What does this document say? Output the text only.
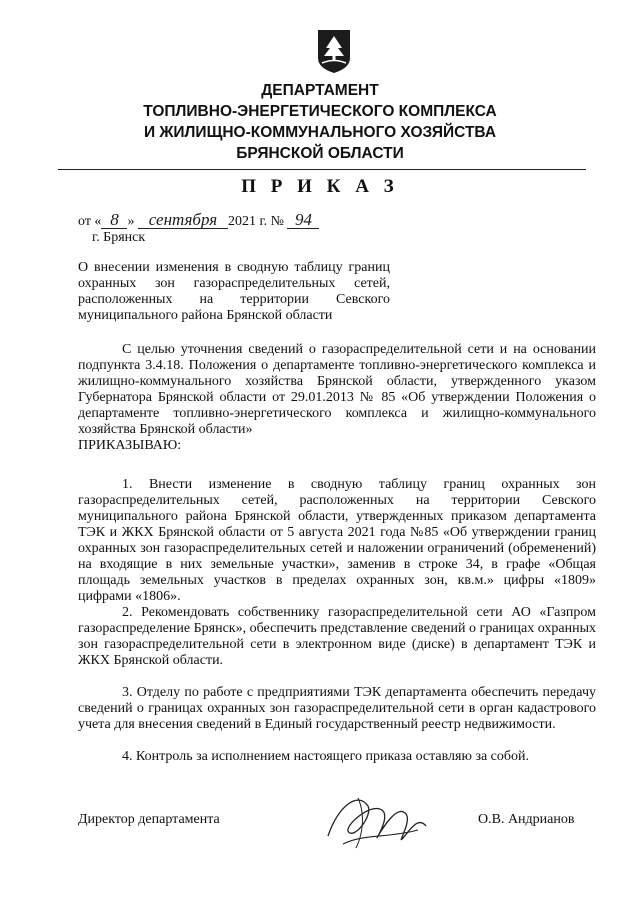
ДЕПАРТАМЕНТ
ТОПЛИВНО-ЭНЕРГЕТИЧЕСКОГО КОМПЛЕКСА
И ЖИЛИЩНО-КОММУНАЛЬНОГО ХОЗЯЙСТВА
БРЯНСКОЙ ОБЛАСТИ
П Р И К А З
от « 8 » сентября 2021 г. № 94
г. Брянск
О внесении изменения в сводную таблицу границ охранных зон газораспределительных сетей, расположенных на территории Севского муниципального района Брянской области
С целью уточнения сведений о газораспределительной сети и на основании подпункта 3.4.18. Положения о департаменте топливно-энергетического комплекса и жилищно-коммунального хозяйства Брянской области, утвержденного указом Губернатора Брянской области от 29.01.2013 № 85 «Об утверждении Положения о департаменте топливно-энергетического комплекса и жилищно-коммунального хозяйства Брянской области»
ПРИКАЗЫВАЮ:
1. Внести изменение в сводную таблицу границ охранных зон газораспределительных сетей, расположенных на территории Севского муниципального района Брянской области, утвержденных приказом департамента ТЭК и ЖКХ Брянской области от 5 августа 2021 года №85 «Об утверждении границ охранных зон газораспределительных сетей и наложении ограничений (обременений) на входящие в них земельные участки», заменив в строке 34, в графе «Общая площадь земельных участков в пределах охранных зон, кв.м.» цифры «1809» цифрами «1806».
2. Рекомендовать собственнику газораспределительной сети АО «Газпром газораспределение Брянск», обеспечить представление сведений о границах охранных зон газораспределительной сети в электронном виде (диске) в департамент ТЭК и ЖКХ Брянской области.
3. Отделу по работе с предприятиями ТЭК департамента обеспечить передачу сведений о границах охранных зон газораспределительной сети в орган кадастрового учета для внесения сведений в Единый государственный реестр недвижимости.
4. Контроль за исполнением настоящего приказа оставляю за собой.
Директор департамента	О.В. Андрианов
